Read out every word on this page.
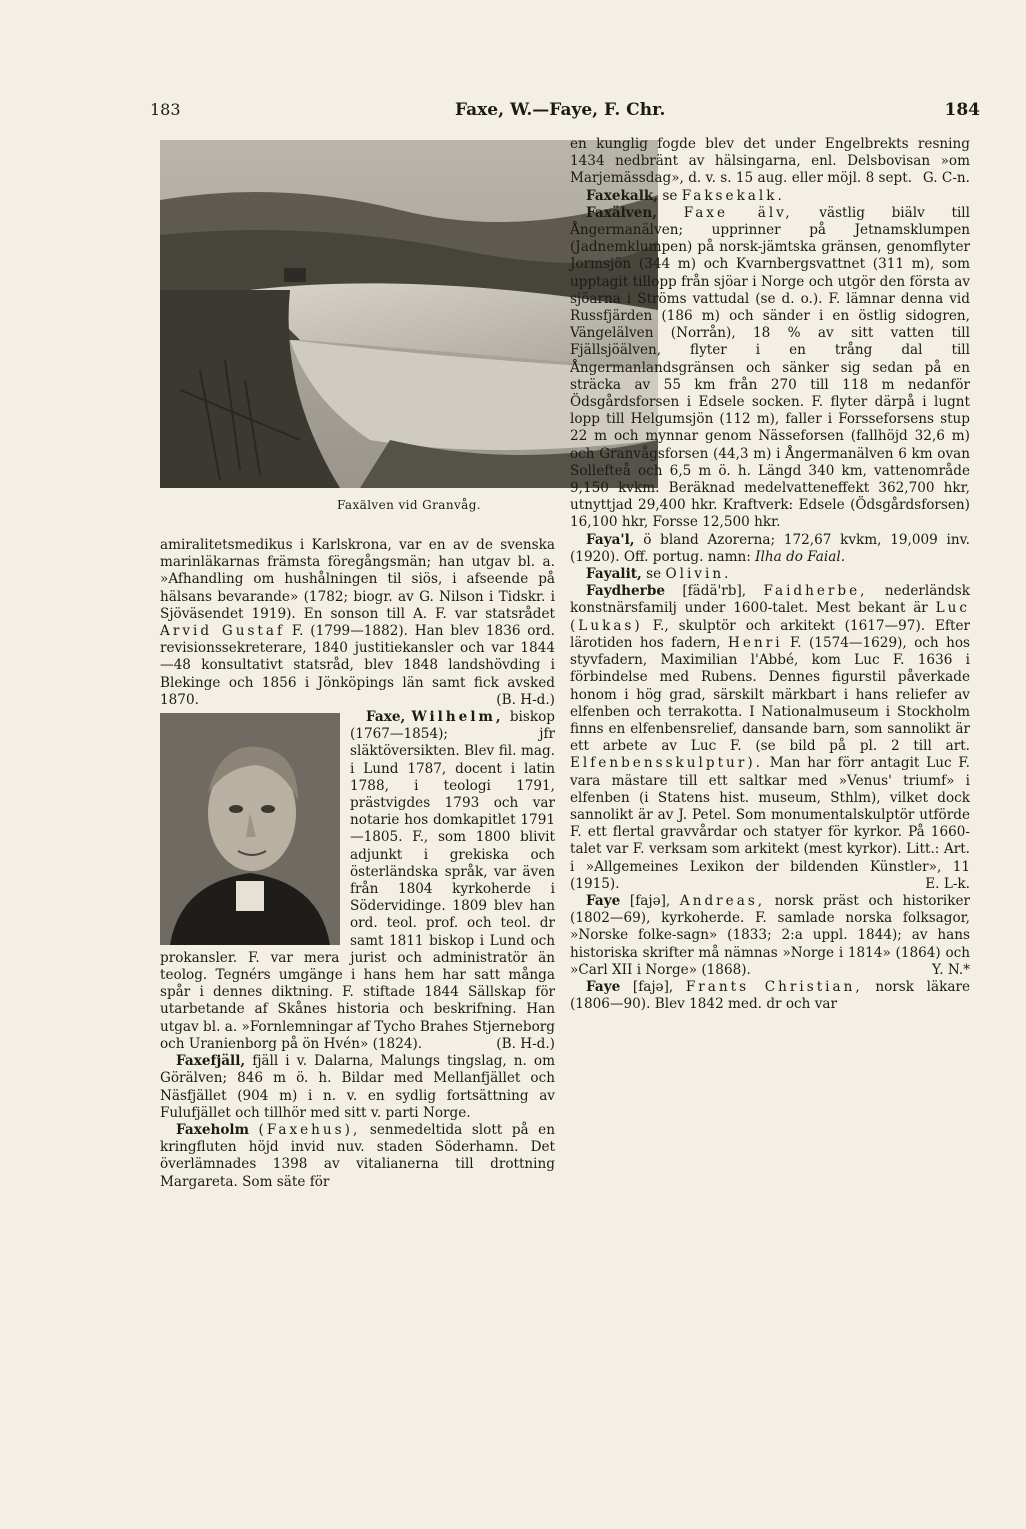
183	Faxe, W.—Faye, F. Chr.	184
Faxälven vid Granvåg.

amiralitetsmedikus i Karlskrona, var en av de svenska marinläkarnas främsta föregångsmän; han utgav bl. a. »Afhandling om hushålningen til siös, i afseende på hälsans bevarande» (1782; biogr. av G. Nilson i Tidskr. i Sjöväsendet 1919). En sonson till A. F. var statsrådet Arvid Gustaf F. (1799—1882). Han blev 1836 ord. revisionssekreterare, 1840 justitiekansler och var 1844—48 konsultativt statsråd, blev 1848 landshövding i Blekinge och 1856 i Jönköpings län samt fick avsked 1870.	(B. H-d.)

Faxe, Wilhelm, biskop (1767—1854); jfr släktöversikten. Blev fil. mag. i Lund 1787, docent i latin 1788, i teologi 1791, prästvigdes 1793 och var notarie hos domkapitlet 1791 —1805. F., som 1800 blivit adjunkt i grekiska och österländska språk, var även från 1804 kyrkoherde i Södervidinge. 1809 blev han ord. teol. prof. och teol. dr samt 1811 biskop i Lund och prokansler. F. var mera jurist och administratör än teolog. Tegnérs umgänge i hans hem har satt många spår i dennes diktning. F. stiftade 1844 Sällskap för utarbetande af Skånes historia och beskrifning. Han utgav bl. a. »Fornlemningar af Tycho Brahes Stjerneborg och Uranienborg på ön Hvén» (1824).	(B. H-d.)

Faxefjäll, fjäll i v. Dalarna, Malungs tingslag, n. om Görälven; 846 m ö. h. Bildar med Mellanfjället och Näsfjället (904 m) i n. v. en sydlig fortsättning av Fulufjället och tillhör med sitt v. parti Norge.

Faxeholm (Faxehus), senmedeltida slott på en kringfluten höjd invid nuv. staden Söderhamn. Det överlämnades 1398 av vitalianerna till drottning Margareta. Som säte för

en kunglig fogde blev det under Engelbrekts resning 1434 nedbränt av hälsingarna, enl. Delsbovisan »om Marjemässdag», d. v. s. 15 aug. eller möjl. 8 sept. G. C-n.

Faxekalk, se Faksekalk.

Faxälven, Faxe älv, västlig biälv till Ångermanälven; upprinner på Jetnamsklumpen (Jadnemklumpen) på norsk-jämtska gränsen, genomflyter Jormsjön (344 m) och Kvarnbergsvattnet (311 m), som upptagit tillopp från sjöar i Norge och utgör den första av sjöarna i Ströms vattudal (se d. o.). F. lämnar denna vid Russfjärden (186 m) och sänder i en östlig sidogren, Vängelälven (Norrån), 18 % av sitt vatten till Fjällsjöälven, flyter i en trång dal till Ångermanlandsgränsen och sänker sig sedan på en sträcka av 55 km från 270 till 118 m nedanför Ödsgårdsforsen i Edsele socken. F. flyter därpå i lugnt lopp till Helgumsjön (112 m), faller i Forsseforsens stup 22 m och mynnar genom Nässeforsen (fallhöjd 32,6 m) och Granvågsforsen (44,3 m) i Ångermanälven 6 km ovan Sollefteå och 6,5 m ö. h. Längd 340 km, vattenområde 9,150 kvkm. Beräknad medelvatteneffekt 362,700 hkr, utnyttjad 29,400 hkr. Kraftverk: Edsele (Ödsgårdsforsen) 16,100 hkr, Forsse 12,500 hkr.

Faya'l, ö bland Azorerna; 172,67 kvkm, 19,009 inv. (1920). Off. portug. namn: Ilha do Faial.

Fayalit, se Olivin.

Faydherbe [fädä'rb], Faidherbe, nederländsk konstnärsfamilj under 1600-talet. Mest bekant är Luc (Lukas) F., skulptör och arkitekt (1617—97). Efter lärotiden hos fadern, Henri F. (1574—1629), och hos styvfadern, Maximilian l'Abbé, kom Luc F. 1636 i förbindelse med Rubens. Dennes figurstil påverkade honom i hög grad, särskilt märkbart i hans reliefer av elfenben och terrakotta. I Nationalmuseum i Stockholm finns en elfenbensrelief, dansande barn, som sannolikt är ett arbete av Luc F. (se bild på pl. 2 till art. Elfenbensskulptur). Man har förr antagit Luc F. vara mästare till ett saltkar med »Venus' triumf» i elfenben (i Statens hist. museum, Sthlm), vilket dock sannolikt är av J. Petel. Som monumentalskulptör utförde F. ett flertal gravvårdar och statyer för kyrkor. På 1660-talet var F. verksam som arkitekt (mest kyrkor). Litt.: Art. i »Allgemeines Lexikon der bildenden Künstler», 11 (1915).	E. L-k.

Faye [fajə], Andreas, norsk präst och historiker (1802—69), kyrkoherde. F. samlade norska folksagor, »Norske folke-sagn» (1833; 2:a uppl. 1844); av hans historiska skrifter må nämnas »Norge i 1814» (1864) och »Carl XII i Norge» (1868).	Y. N.*

Faye [fajə], Frants Christian, norsk läkare (1806—90). Blev 1842 med. dr och var
